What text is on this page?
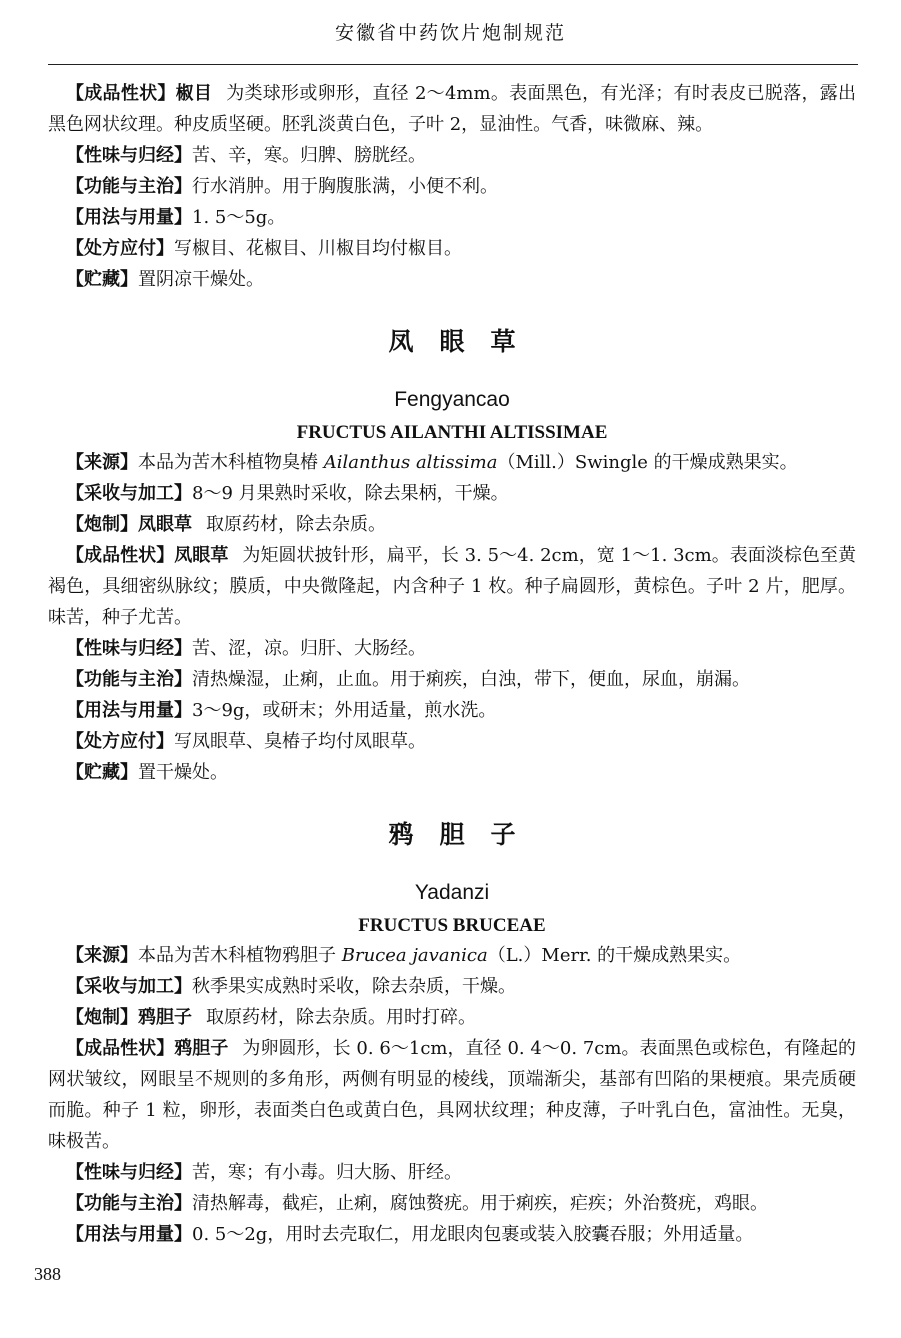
安徽省中药饮片炮制规范

【成品性状】椒目 为类球形或卵形，直径 2～4mm。表面黑色，有光泽；有时表皮已脱落，露出黑色网状纹理。种皮质坚硬。胚乳淡黄白色，子叶 2，显油性。气香，味微麻、辣。

【性味与归经】苦、辛，寒。归脾、膀胱经。

【功能与主治】行水消肿。用于胸腹胀满，小便不利。

【用法与用量】1. 5～5g。

【处方应付】写椒目、花椒目、川椒目均付椒目。

【贮藏】置阴凉干燥处。

凤眼草
Fengyancao
FRUCTUS AILANTHI ALTISSIMAE

【来源】本品为苦木科植物臭椿 Ailanthus altissima（Mill.）Swingle 的干燥成熟果实。

【采收与加工】8～9 月果熟时采收，除去果柄，干燥。

【炮制】凤眼草 取原药材，除去杂质。

【成品性状】凤眼草 为矩圆状披针形，扁平，长 3. 5～4. 2cm，宽 1～1. 3cm。表面淡棕色至黄褐色，具细密纵脉纹；膜质，中央微隆起，内含种子 1 枚。种子扁圆形，黄棕色。子叶 2 片，肥厚。味苦，种子尤苦。

【性味与归经】苦、涩，凉。归肝、大肠经。

【功能与主治】清热燥湿，止痢，止血。用于痢疾，白浊，带下，便血，尿血，崩漏。

【用法与用量】3～9g，或研末；外用适量，煎水洗。

【处方应付】写凤眼草、臭椿子均付凤眼草。

【贮藏】置干燥处。

鸦胆子
Yadanzi
FRUCTUS BRUCEAE

【来源】本品为苦木科植物鸦胆子 Brucea javanica（L.）Merr. 的干燥成熟果实。

【采收与加工】秋季果实成熟时采收，除去杂质，干燥。

【炮制】鸦胆子 取原药材，除去杂质。用时打碎。

【成品性状】鸦胆子 为卵圆形，长 0. 6～1cm，直径 0. 4～0. 7cm。表面黑色或棕色，有隆起的网状皱纹，网眼呈不规则的多角形，两侧有明显的棱线，顶端渐尖，基部有凹陷的果梗痕。果壳质硬而脆。种子 1 粒，卵形，表面类白色或黄白色，具网状纹理；种皮薄，子叶乳白色，富油性。无臭，味极苦。

【性味与归经】苦，寒；有小毒。归大肠、肝经。

【功能与主治】清热解毒，截疟，止痢，腐蚀赘疣。用于痢疾，疟疾；外治赘疣，鸡眼。

【用法与用量】0. 5～2g，用时去壳取仁，用龙眼肉包裹或装入胶囊吞服；外用适量。

388
